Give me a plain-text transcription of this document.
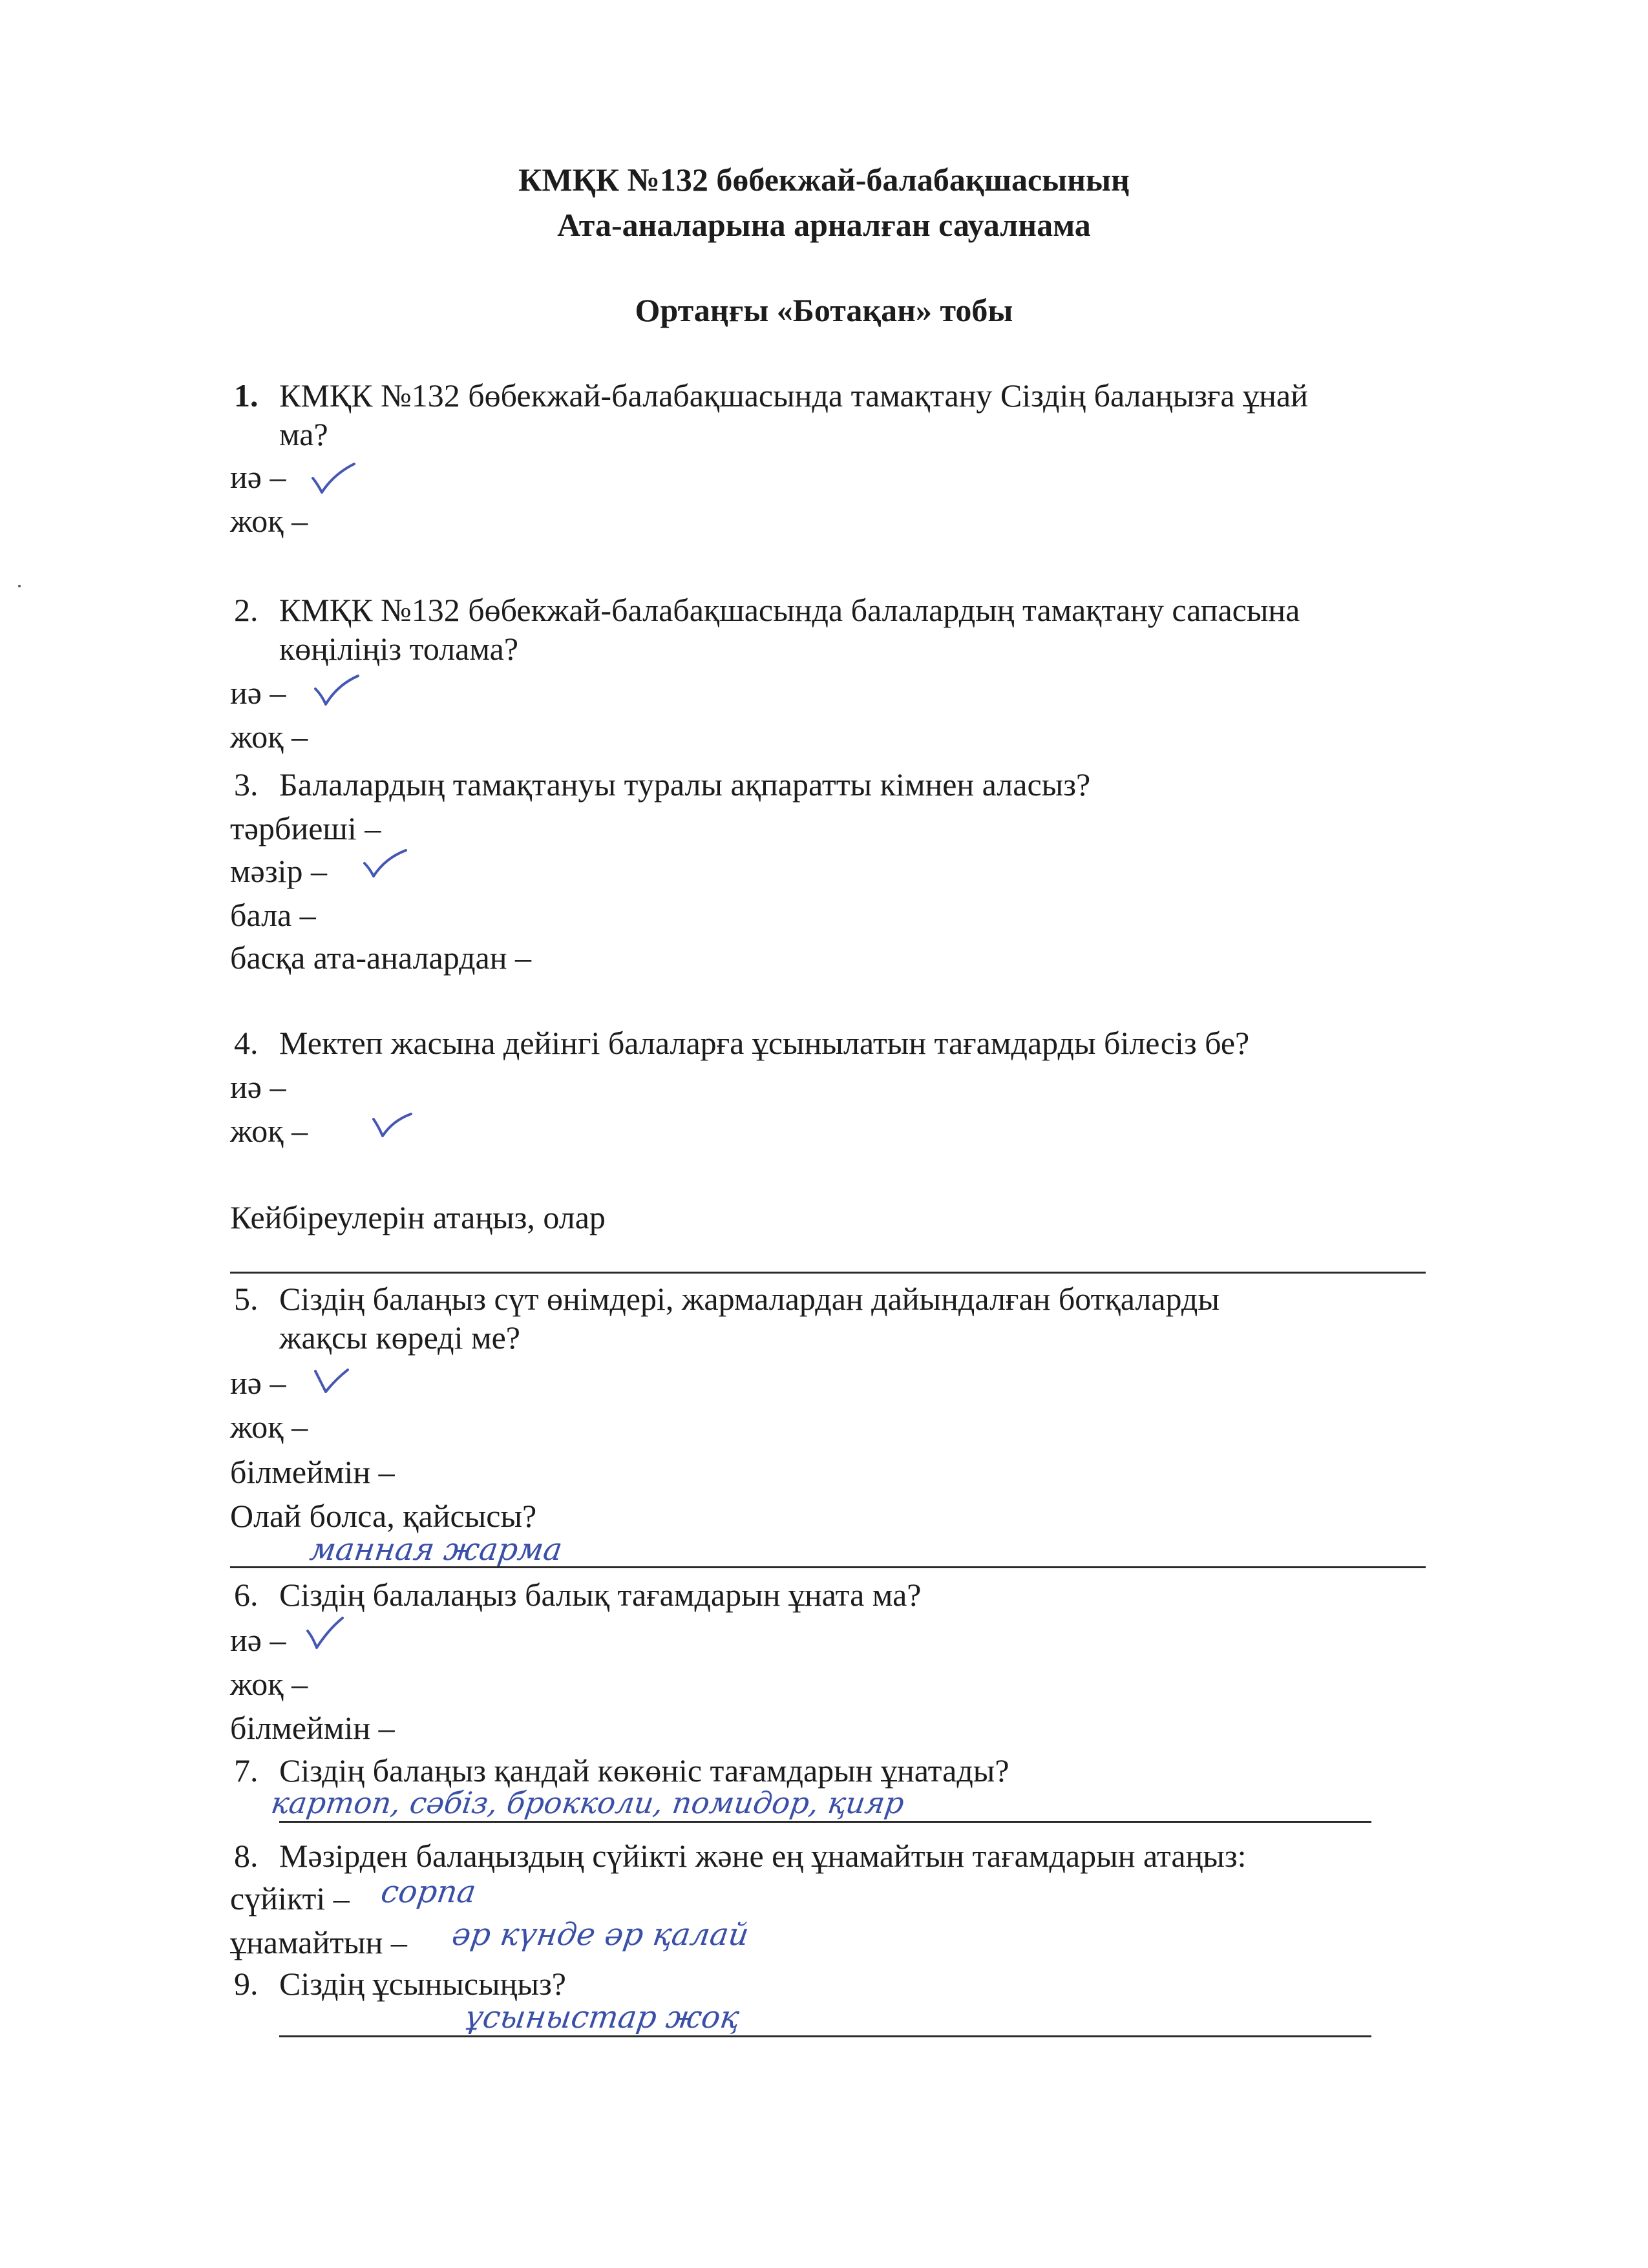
КМҚК №132 бөбекжай-балабақшасының
Ата-аналарына арналған сауалнама
Ортаңғы «Ботақан» тобы
1. КМҚК №132 бөбекжай-балабақшасында тамақтану Сіздің балаңызға ұнай
ма?
иә –
жоқ –
2. КМҚК №132 бөбекжай-балабақшасында балалардың тамақтану сапасына
көңіліңіз толама?
иә –
жоқ –
3. Балалардың тамақтануы туралы ақпаратты кімнен аласыз?
тәрбиеші –
мәзір –
бала –
басқа ата-аналардан –
4. Мектеп жасына дейінгі балаларға ұсынылатын тағамдарды білесіз бе?
иә –
жоқ –
Кейбіреулерін атаңыз, олар
5. Сіздің балаңыз сүт өнімдері, жармалардан дайындалған ботқаларды
жақсы көреді ме?
иә –
жоқ –
білмеймін –
Олай болса, қайсысы?
манная жарма
6. Сіздің балалаңыз балық тағамдарын ұната ма?
иә –
жоқ –
білмеймін –
7. Сіздің балаңыз қандай көкөніс тағамдарын ұнатады?
картоп, сәбіз, брокколи, помидор, қияр
8. Мәзірден балаңыздың сүйікті және ең ұнамайтын тағамдарын атаңыз:
сүйікті – сорпа
ұнамайтын – әр күнде әр қалай
9. Сіздің ұсынысыңыз?
ұсыныстар жоқ
